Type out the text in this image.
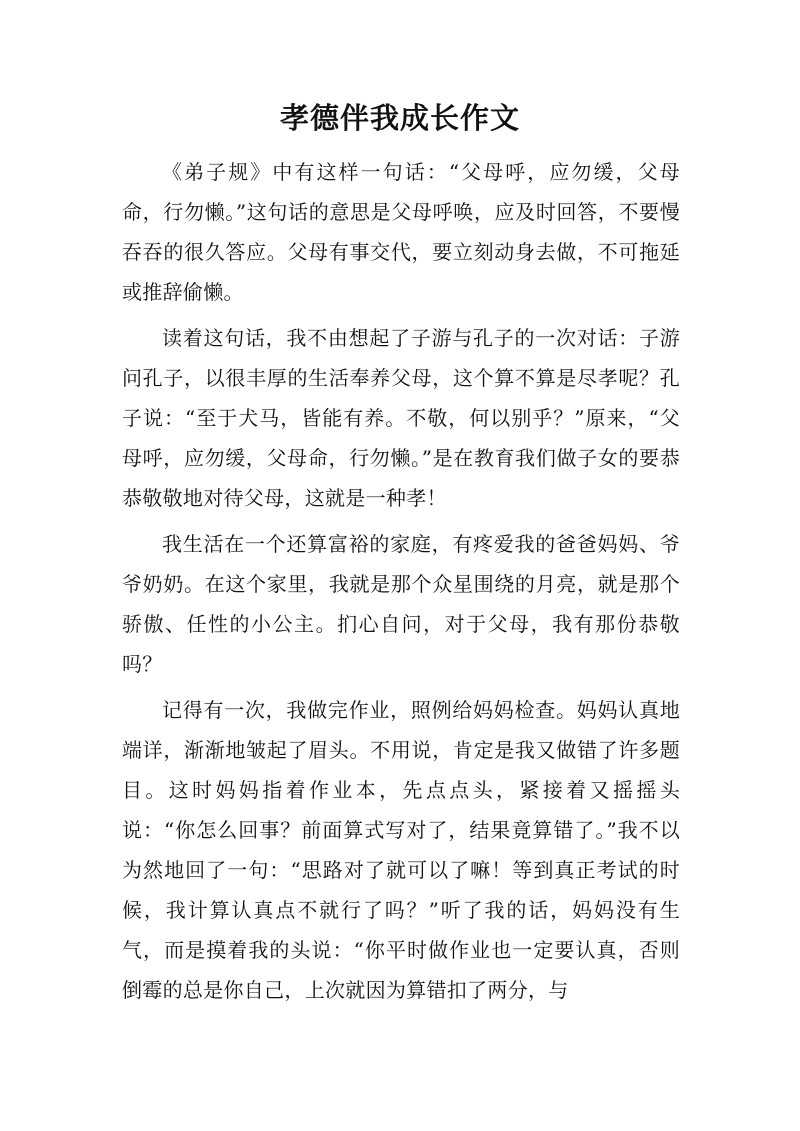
孝德伴我成长作文

《弟子规》中有这样一句话：“父母呼，应勿缓，父母命，行勿懒。”这句话的意思是父母呼唤，应及时回答，不要慢吞吞的很久答应。父母有事交代，要立刻动身去做，不可拖延或推辞偷懒。

读着这句话，我不由想起了子游与孔子的一次对话：子游问孔子，以很丰厚的生活奉养父母，这个算不算是尽孝呢？孔子说：“至于犬马，皆能有养。不敬，何以别乎？”原来，“父母呼，应勿缓，父母命，行勿懒。”是在教育我们做子女的要恭恭敬敬地对待父母，这就是一种孝！

我生活在一个还算富裕的家庭，有疼爱我的爸爸妈妈、爷爷奶奶。在这个家里，我就是那个众星围绕的月亮，就是那个骄傲、任性的小公主。扪心自问，对于父母，我有那份恭敬吗？

记得有一次，我做完作业，照例给妈妈检查。妈妈认真地端详，渐渐地皱起了眉头。不用说，肯定是我又做错了许多题目。这时妈妈指着作业本，先点点头，紧接着又摇摇头说：“你怎么回事？前面算式写对了，结果竟算错了。”我不以为然地回了一句：“思路对了就可以了嘛！等到真正考试的时候，我计算认真点不就行了吗？”听了我的话，妈妈没有生气，而是摸着我的头说：“你平时做作业也一定要认真，否则倒霉的总是你自己，上次就因为算错扣了两分，与
